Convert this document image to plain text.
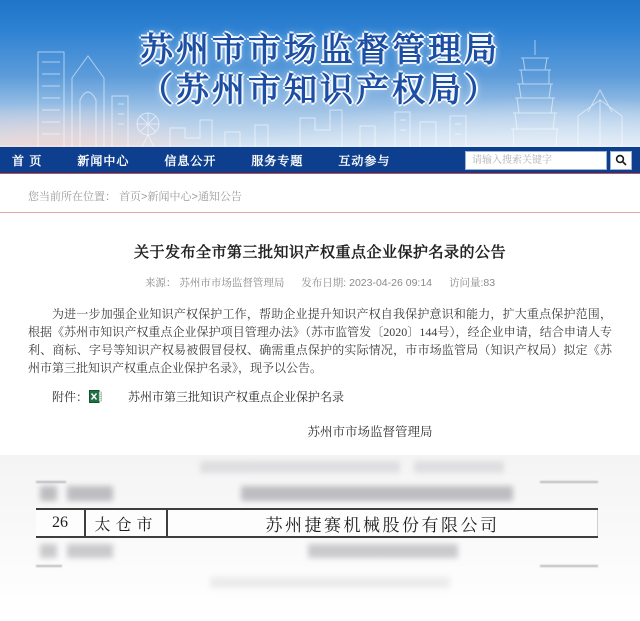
苏州市市场监督管理局
（苏州市知识产权局）
首 页	新闻中心	信息公开	服务专题	互动参与
请输入搜索关键字
您当前所在位置： 首页>新闻中心>通知公告
关于发布全市第三批知识产权重点企业保护名录的公告
来源： 苏州市市场监督管理局 发布日期: 2023-04-26 09:14 访问量:83
为进一步加强企业知识产权保护工作，帮助企业提升知识产权自我保护意识和能力，扩大重点保护范围，根据《苏州市知识产权重点企业保护项目管理办法》（苏市监管发〔2020〕144号），经企业申请，结合申请人专利、商标、字号等知识产权易被假冒侵权、确需重点保护的实际情况，市市场监管局（知识产权局）拟定《苏州市第三批知识产权重点企业保护名录》，现予以公告。
附件：	苏州市第三批知识产权重点企业保护名录
苏州市市场监督管理局
26	太仓市	苏州捷赛机械股份有限公司
